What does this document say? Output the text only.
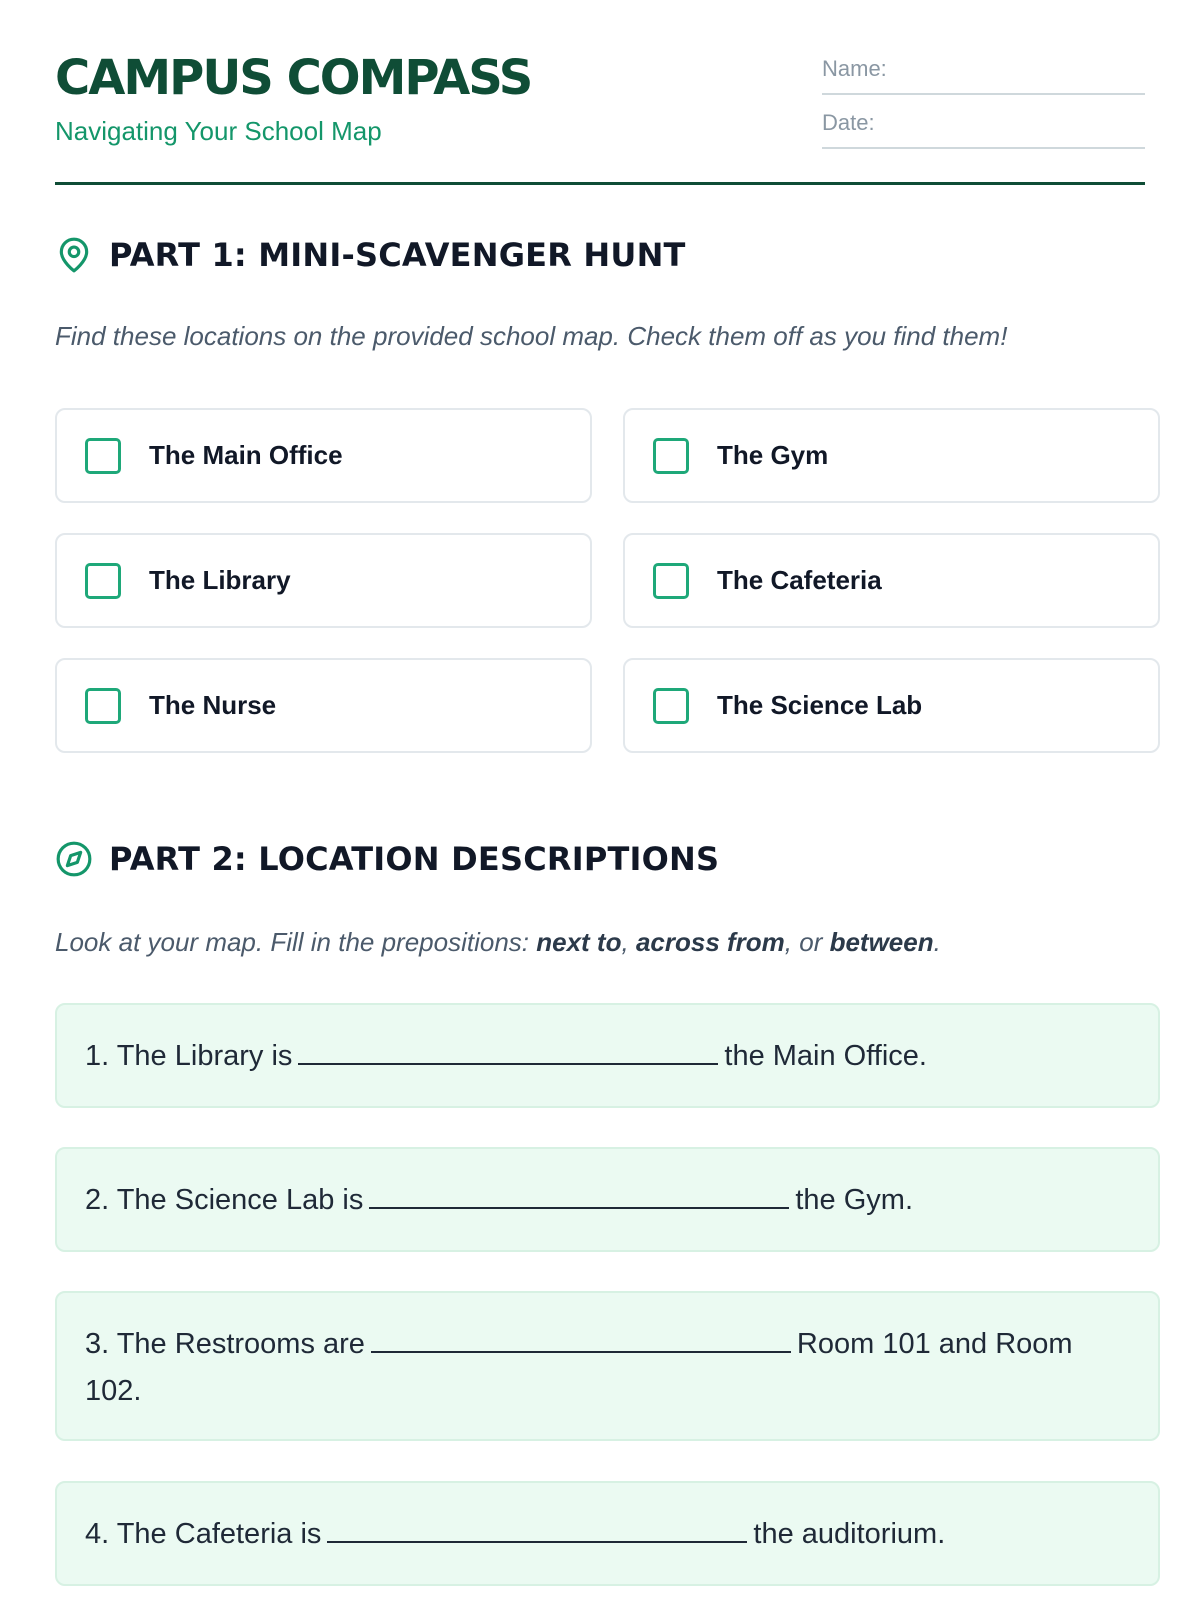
CAMPUS COMPASS
Navigating Your School Map
Name:
Date:
PART 1: MINI-SCAVENGER HUNT
Find these locations on the provided school map. Check them off as you find them!
The Main Office	The Gym
The Library	The Cafeteria
The Nurse	The Science Lab
PART 2: LOCATION DESCRIPTIONS
Look at your map. Fill in the prepositions: next to, across from, or between.
1. The Library is	the Main Office.
2. The Science Lab is	the Gym.
3. The Restrooms are	Room 101 and Room 102.
4. The Cafeteria is	the auditorium.
